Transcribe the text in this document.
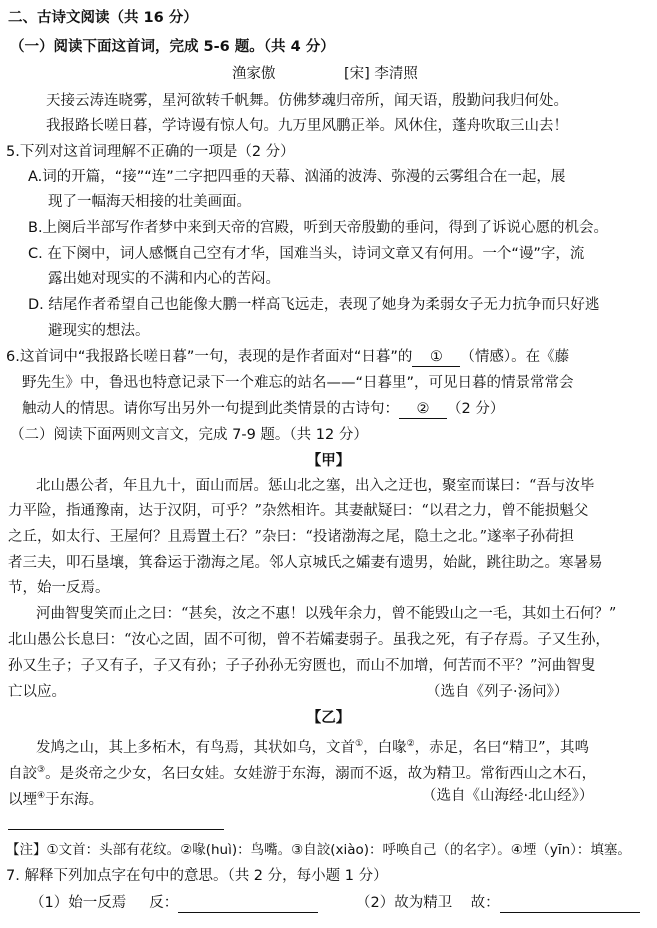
二、古诗文阅读（共 16 分）
（一）阅读下面这首词，完成 5-6 题。（共 4 分）
渔家傲	[宋] 李清照
天接云涛连晓雾，星河欲转千帆舞。仿佛梦魂归帝所，闻天语，殷勤问我归何处。
我报路长嗟日暮，学诗谩有惊人句。九万里风鹏正举。风休住，蓬舟吹取三山去！
5.下列对这首词理解不正确的一项是（2 分）
A.词的开篇，“接”“连”二字把四垂的天幕、汹涌的波涛、弥漫的云雾组合在一起，展
现了一幅海天相接的壮美画面。
B.上阕后半部写作者梦中来到天帝的宫殿，听到天帝殷勤的垂问，得到了诉说心愿的机会。
C. 在下阕中，词人感慨自己空有才华，国难当头，诗词文章又有何用。一个“谩”字，流
露出她对现实的不满和内心的苦闷。
D. 结尾作者希望自己也能像大鹏一样高飞远走，表现了她身为柔弱女子无力抗争而只好逃
避现实的想法。
6.这首词中“我报路长嗟日暮”一句，表现的是作者面对“日暮”的 ① （情感）。在《藤
野先生》中，鲁迅也特意记录下一个难忘的站名——“日暮里”，可见日暮的情景常常会
触动人的情思。请你写出另外一句提到此类情景的古诗句： ② （2 分）
（二）阅读下面两则文言文，完成 7-9 题。（共 12 分）
【甲】
北山愚公者，年且九十，面山而居。惩山北之塞，出入之迂也，聚室而谋曰：“吾与汝毕
力平险，指通豫南，达于汉阴，可乎？”杂然相许。其妻献疑曰：“以君之力，曾不能损魁父
之丘，如太行、王屋何？且焉置土石？”杂曰：“投诸渤海之尾，隐土之北。”遂率子孙荷担
者三夫，叩石垦壤，箕畚运于渤海之尾。邻人京城氏之孀妻有遗男，始龀，跳往助之。寒暑易
节，始一反焉。
河曲智叟笑而止之曰：“甚矣，汝之不惠！以残年余力，曾不能毁山之一毛，其如土石何？”
北山愚公长息曰：“汝心之固，固不可彻，曾不若孀妻弱子。虽我之死，有子存焉。子又生孙，
孙又生子；子又有子，子又有孙；子子孙孙无穷匮也，而山不加增，何苦而不平？”河曲智叟
亡以应。	（选自《列子·汤问》）
【乙】
发鸠之山，其上多柘木，有鸟焉，其状如乌，文首①，白喙②，赤足，名曰“精卫”，其鸣
自詨③。是炎帝之少女，名曰女娃。女娃游于东海，溺而不返，故为精卫。常衔西山之木石，
以堙④于东海。	（选自《山海经·北山经》）
【注】①文首：头部有花纹。②喙(huì)：鸟嘴。③自詨(xiào)：呼唤自己（的名字）。④堙（yīn）：填塞。
7. 解释下列加点字在句中的意思。（共 2 分，每小题 1 分）
（1）始一反焉 反：	（2）故为精卫 故：
